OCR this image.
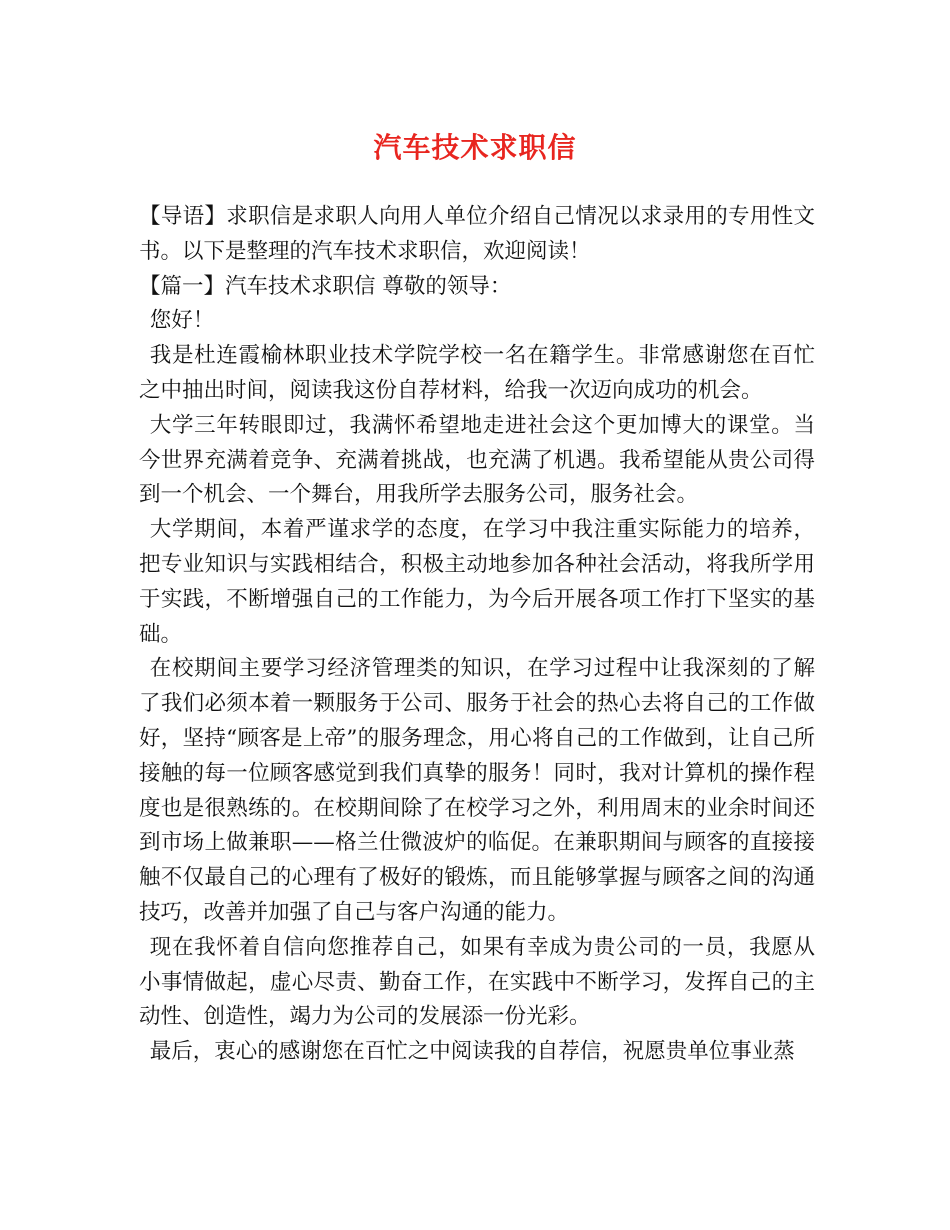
汽车技术求职信

【导语】求职信是求职人向用人单位介绍自己情况以求录用的专用性文书。以下是整理的汽车技术求职信，欢迎阅读！

【篇一】汽车技术求职信 尊敬的领导：

您好！

我是杜连霞榆林职业技术学院学校一名在籍学生。非常感谢您在百忙之中抽出时间，阅读我这份自荐材料，给我一次迈向成功的机会。

大学三年转眼即过，我满怀希望地走进社会这个更加博大的课堂。当今世界充满着竞争、充满着挑战，也充满了机遇。我希望能从贵公司得到一个机会、一个舞台，用我所学去服务公司，服务社会。

大学期间，本着严谨求学的态度，在学习中我注重实际能力的培养，把专业知识与实践相结合，积极主动地参加各种社会活动，将我所学用于实践，不断增强自己的工作能力，为今后开展各项工作打下坚实的基础。

在校期间主要学习经济管理类的知识，在学习过程中让我深刻的了解了我们必须本着一颗服务于公司、服务于社会的热心去将自己的工作做好，坚持“顾客是上帝”的服务理念，用心将自己的工作做到，让自己所接触的每一位顾客感觉到我们真挚的服务！同时，我对计算机的操作程度也是很熟练的。在校期间除了在校学习之外，利用周末的业余时间还到市场上做兼职——格兰仕微波炉的临促。在兼职期间与顾客的直接接触不仅最自己的心理有了极好的锻炼，而且能够掌握与顾客之间的沟通技巧，改善并加强了自己与客户沟通的能力。

现在我怀着自信向您推荐自己，如果有幸成为贵公司的一员，我愿从小事情做起，虚心尽责、勤奋工作，在实践中不断学习，发挥自己的主动性、创造性，竭力为公司的发展添一份光彩。

最后，衷心的感谢您在百忙之中阅读我的自荐信，祝愿贵单位事业蒸
